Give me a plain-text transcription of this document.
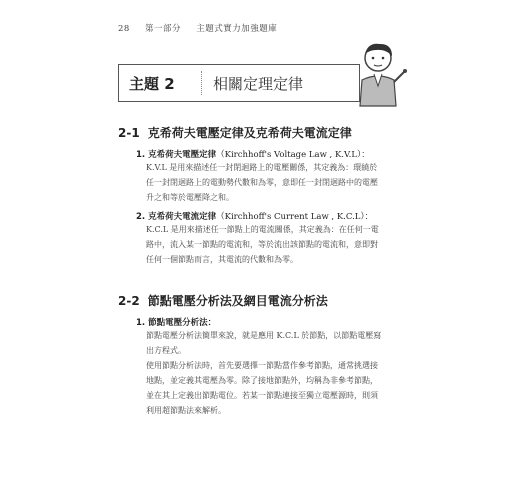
28 第一部分 主題式實力加強題庫
主題 2	相關定理定律
2-1 克希荷夫電壓定律及克希荷夫電流定律
1. 克希荷夫電壓定律（Kirchhoff's Voltage Law , K.V.L）：
K.V.L 是用來描述任一封閉迴路上的電壓關係，其定義為：環繞於
任一封閉迴路上的電動勢代數和為零，意即任一封閉迴路中的電壓
升之和等於電壓降之和。
2. 克希荷夫電流定律（Kirchhoff's Current Law , K.C.L）：
K.C.L 是用來描述任一節點上的電流關係，其定義為：在任何一電
路中，流入某一節點的電流和，等於流出該節點的電流和，意即對
任何一個節點而言，其電流的代數和為零。
2-2 節點電壓分析法及網目電流分析法
1. 節點電壓分析法：
節點電壓分析法簡單來說，就是應用 K.C.L 於節點，以節點電壓寫
出方程式。
使用節點分析法時，首先要選擇一節點當作參考節點，通常挑選接
地點，並定義其電壓為零。除了接地節點外，均稱為非參考節點，
並在其上定義出節點電位。若某一節點連接至獨立電壓源時，則須
利用超節點法來解析。
